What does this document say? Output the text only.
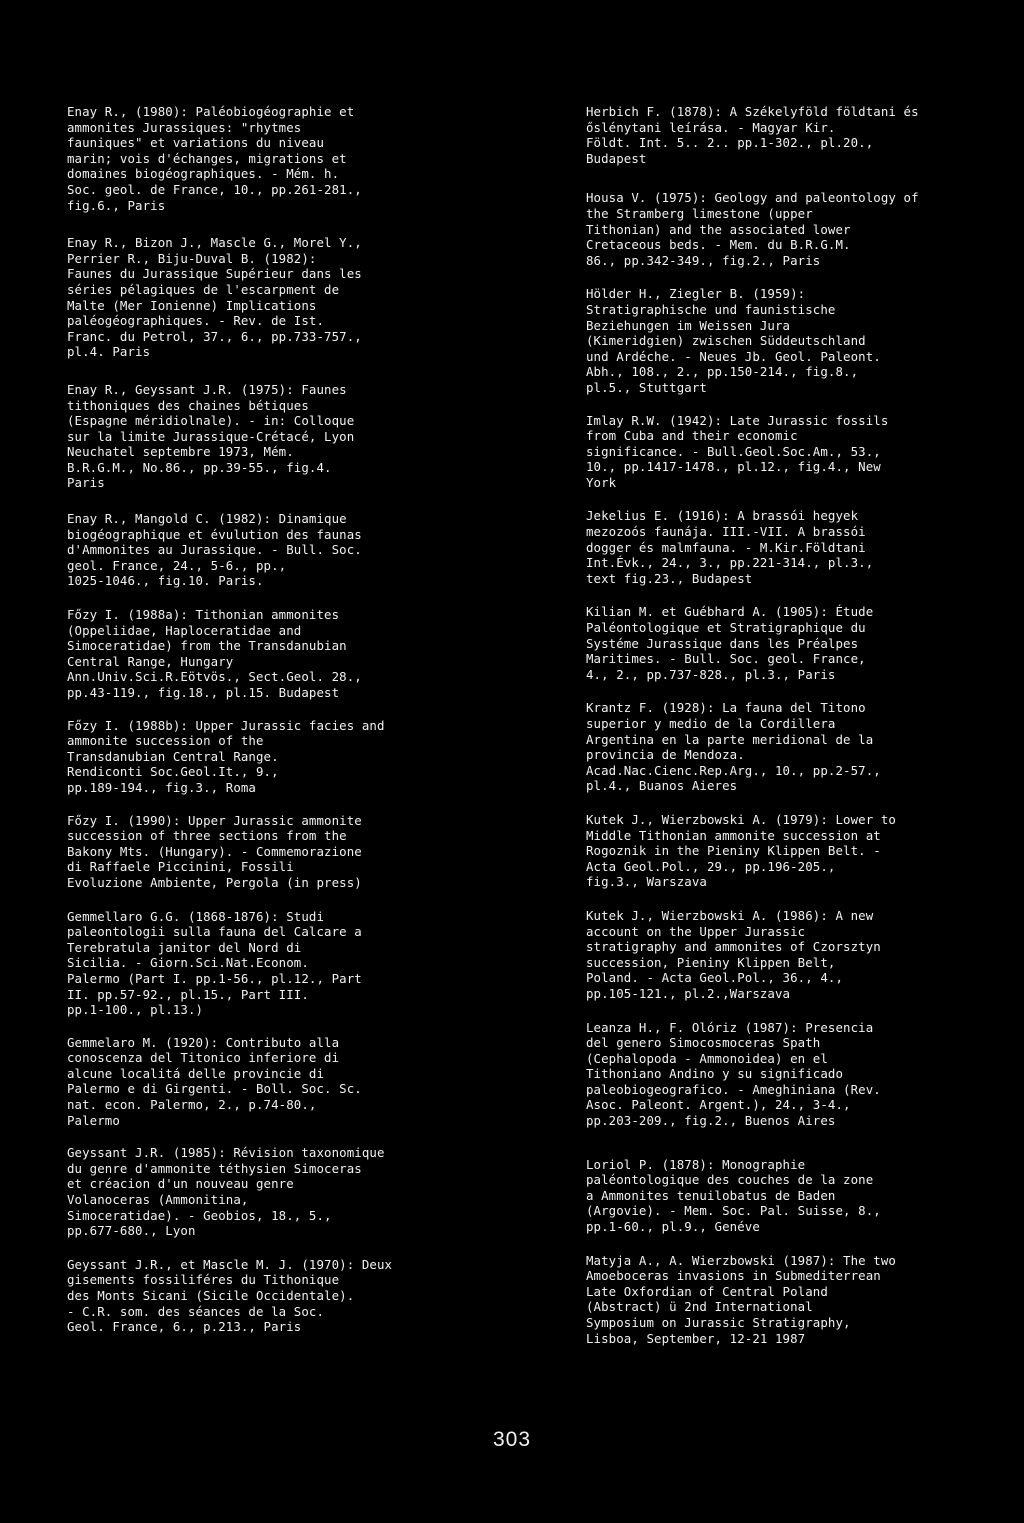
Enay R., (1980): Paléobiogéographie et
ammonites Jurassiques: "rhytmes
fauniques" et variations du niveau
marin; vois d'échanges, migrations et
domaines biogéographiques. - Mém. h.
Soc. geol. de France, 10., pp.261-281.,
fig.6., Paris

Enay R., Bizon J., Mascle G., Morel Y.,
Perrier R., Biju-Duval B. (1982):
Faunes du Jurassique Supérieur dans les
séries pélagiques de l'escarpment de
Malte (Mer Ionienne) Implications
paléogéographiques. - Rev. de Ist.
Franc. du Petrol, 37., 6., pp.733-757.,
pl.4. Paris

Enay R., Geyssant J.R. (1975): Faunes
tithoniques des chaines bétiques
(Espagne méridiolnale). - in: Colloque
sur la limite Jurassique-Crétacé, Lyon
Neuchatel septembre 1973, Mém.
B.R.G.M., No.86., pp.39-55., fig.4.
Paris

Enay R., Mangold C. (1982): Dinamique
biogéographique et évulution des faunas
d'Ammonites au Jurassique. - Bull. Soc.
geol. France, 24., 5-6., pp.,
1025-1046., fig.10. Paris.

Főzy I. (1988a): Tithonian ammonites
(Oppeliidae, Haploceratidae and
Simoceratidae) from the Transdanubian
Central Range, Hungary
Ann.Univ.Sci.R.Eötvös., Sect.Geol. 28.,
pp.43-119., fig.18., pl.15. Budapest

Főzy I. (1988b): Upper Jurassic facies and
ammonite succession of the
Transdanubian Central Range.
Rendiconti Soc.Geol.It., 9.,
pp.189-194., fig.3., Roma

Főzy I. (1990): Upper Jurassic ammonite
succession of three sections from the
Bakony Mts. (Hungary). - Commemorazione
di Raffaele Piccinini, Fossili
Evoluzione Ambiente, Pergola (in press)

Gemmellaro G.G. (1868-1876): Studi
paleontologii sulla fauna del Calcare a
Terebratula janitor del Nord di
Sicilia. - Giorn.Sci.Nat.Econom.
Palermo (Part I. pp.1-56., pl.12., Part
II. pp.57-92., pl.15., Part III.
pp.1-100., pl.13.)

Gemmelaro M. (1920): Contributo alla
conoscenza del Titonico inferiore di
alcune localitá delle provincie di
Palermo e di Girgenti. - Boll. Soc. Sc.
nat. econ. Palermo, 2., p.74-80.,
Palermo

Geyssant J.R. (1985): Révision taxonomique
du genre d'ammonite téthysien Simoceras
et créacion d'un nouveau genre
Volanoceras (Ammonitina,
Simoceratidae). - Geobios, 18., 5.,
pp.677-680., Lyon

Geyssant J.R., et Mascle M. J. (1970): Deux
gisements fossiliféres du Tithonique
des Monts Sicani (Sicile Occidentale).
- C.R. som. des séances de la Soc.
Geol. France, 6., p.213., Paris

Herbich F. (1878): A Székelyföld földtani és
őslénytani leírása. - Magyar Kir.
Földt. Int. 5.. 2.. pp.1-302., pl.20.,
Budapest

Housa V. (1975): Geology and paleontology of
the Stramberg limestone (upper
Tithonian) and the associated lower
Cretaceous beds. - Mem. du B.R.G.M.
86., pp.342-349., fig.2., Paris

Hölder H., Ziegler B. (1959):
Stratigraphische und faunistische
Beziehungen im Weissen Jura
(Kimeridgien) zwischen Süddeutschland
und Ardéche. - Neues Jb. Geol. Paleont.
Abh., 108., 2., pp.150-214., fig.8.,
pl.5., Stuttgart

Imlay R.W. (1942): Late Jurassic fossils
from Cuba and their economic
significance. - Bull.Geol.Soc.Am., 53.,
10., pp.1417-1478., pl.12., fig.4., New
York

Jekelius E. (1916): A brassói hegyek
mezozoós faunája. III.-VII. A brassói
dogger és malmfauna. - M.Kir.Földtani
Int.Évk., 24., 3., pp.221-314., pl.3.,
text fig.23., Budapest

Kilian M. et Guébhard A. (1905): Étude
Paléontologique et Stratigraphique du
Systéme Jurassique dans les Préalpes
Maritimes. - Bull. Soc. geol. France,
4., 2., pp.737-828., pl.3., Paris

Krantz F. (1928): La fauna del Titono
superior y medio de la Cordillera
Argentina en la parte meridional de la
provincia de Mendoza.
Acad.Nac.Cienc.Rep.Arg., 10., pp.2-57.,
pl.4., Buanos Aieres

Kutek J., Wierzbowski A. (1979): Lower to
Middle Tithonian ammonite succession at
Rogoznik in the Pieniny Klippen Belt. -
Acta Geol.Pol., 29., pp.196-205.,
fig.3., Warszava

Kutek J., Wierzbowski A. (1986): A new
account on the Upper Jurassic
stratigraphy and ammonites of Czorsztyn
succession, Pieniny Klippen Belt,
Poland. - Acta Geol.Pol., 36., 4.,
pp.105-121., pl.2.,Warszava

Leanza H., F. Olóriz (1987): Presencia
del genero Simocosmoceras Spath
(Cephalopoda - Ammonoidea) en el
Tithoniano Andino y su significado
paleobiogeografico. - Ameghiniana (Rev.
Asoc. Paleont. Argent.), 24., 3-4.,
pp.203-209., fig.2., Buenos Aires

Loriol P. (1878): Monographie
paléontologique des couches de la zone
a Ammonites tenuilobatus de Baden
(Argovie). - Mem. Soc. Pal. Suisse, 8.,
pp.1-60., pl.9., Genéve

Matyja A., A. Wierzbowski (1987): The two
Amoeboceras invasions in Submediterrean
Late Oxfordian of Central Poland
(Abstract) ü 2nd International
Symposium on Jurassic Stratigraphy,
Lisboa, September, 12-21 1987

303
